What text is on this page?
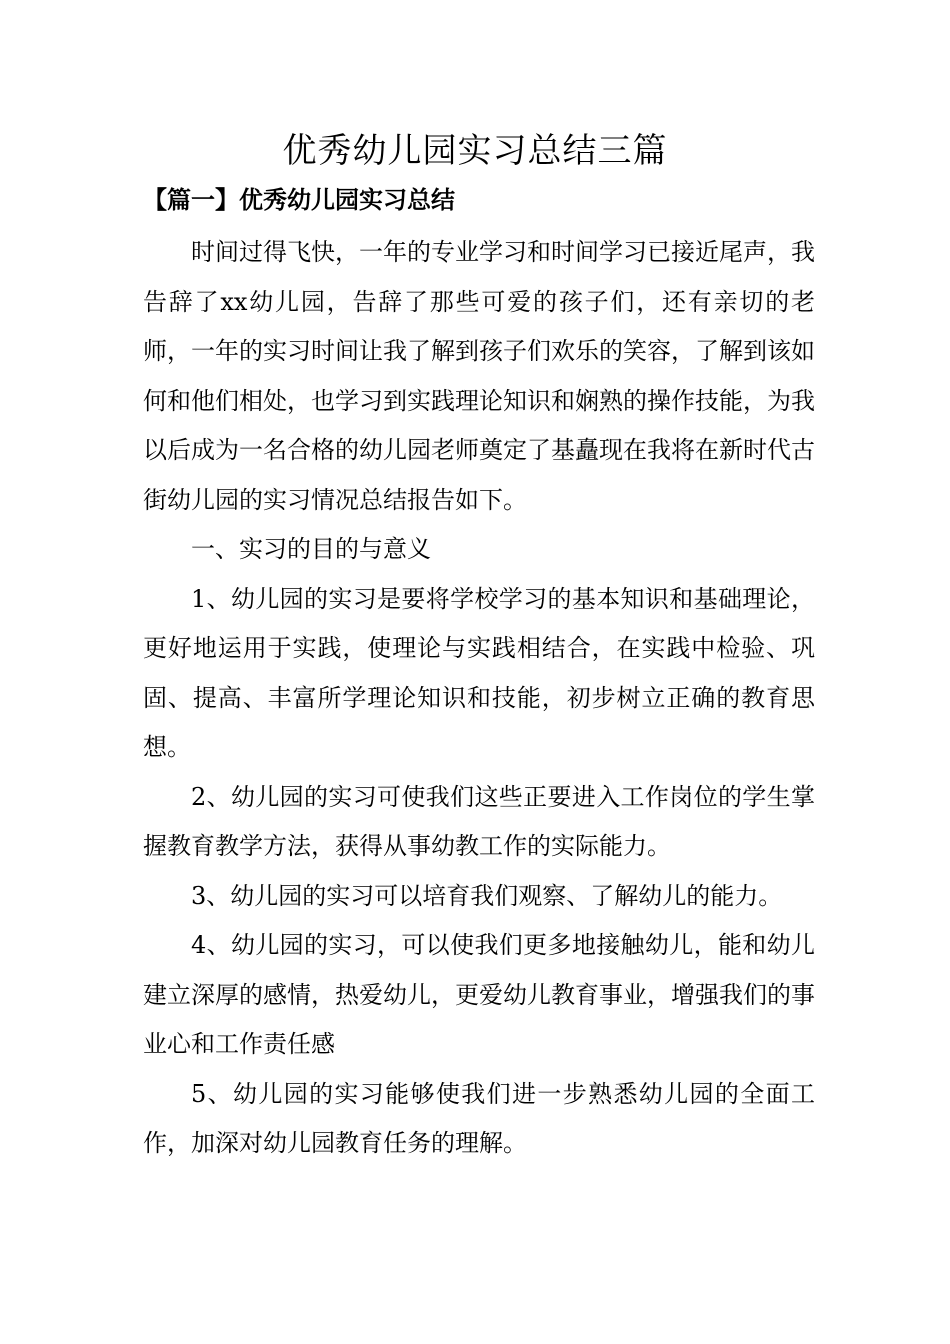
优秀幼儿园实习总结三篇
【篇一】优秀幼儿园实习总结

时间过得飞快，一年的专业学习和时间学习已接近尾声，我告辞了xx幼儿园，告辞了那些可爱的孩子们，还有亲切的老师，一年的实习时间让我了解到孩子们欢乐的笑容，了解到该如何和他们相处，也学习到实践理论知识和娴熟的操作技能，为我以后成为一名合格的幼儿园老师奠定了基矗现在我将在新时代古街幼儿园的实习情况总结报告如下。

一、实习的目的与意义

1、幼儿园的实习是要将学校学习的基本知识和基础理论，更好地运用于实践，使理论与实践相结合，在实践中检验、巩固、提高、丰富所学理论知识和技能，初步树立正确的教育思想。

2、幼儿园的实习可使我们这些正要进入工作岗位的学生掌握教育教学方法，获得从事幼教工作的实际能力。

3、幼儿园的实习可以培育我们观察、了解幼儿的能力。

4、幼儿园的实习，可以使我们更多地接触幼儿，能和幼儿建立深厚的感情，热爱幼儿，更爱幼儿教育事业，增强我们的事业心和工作责任感

5、幼儿园的实习能够使我们进一步熟悉幼儿园的全面工作，加深对幼儿园教育任务的理解。
